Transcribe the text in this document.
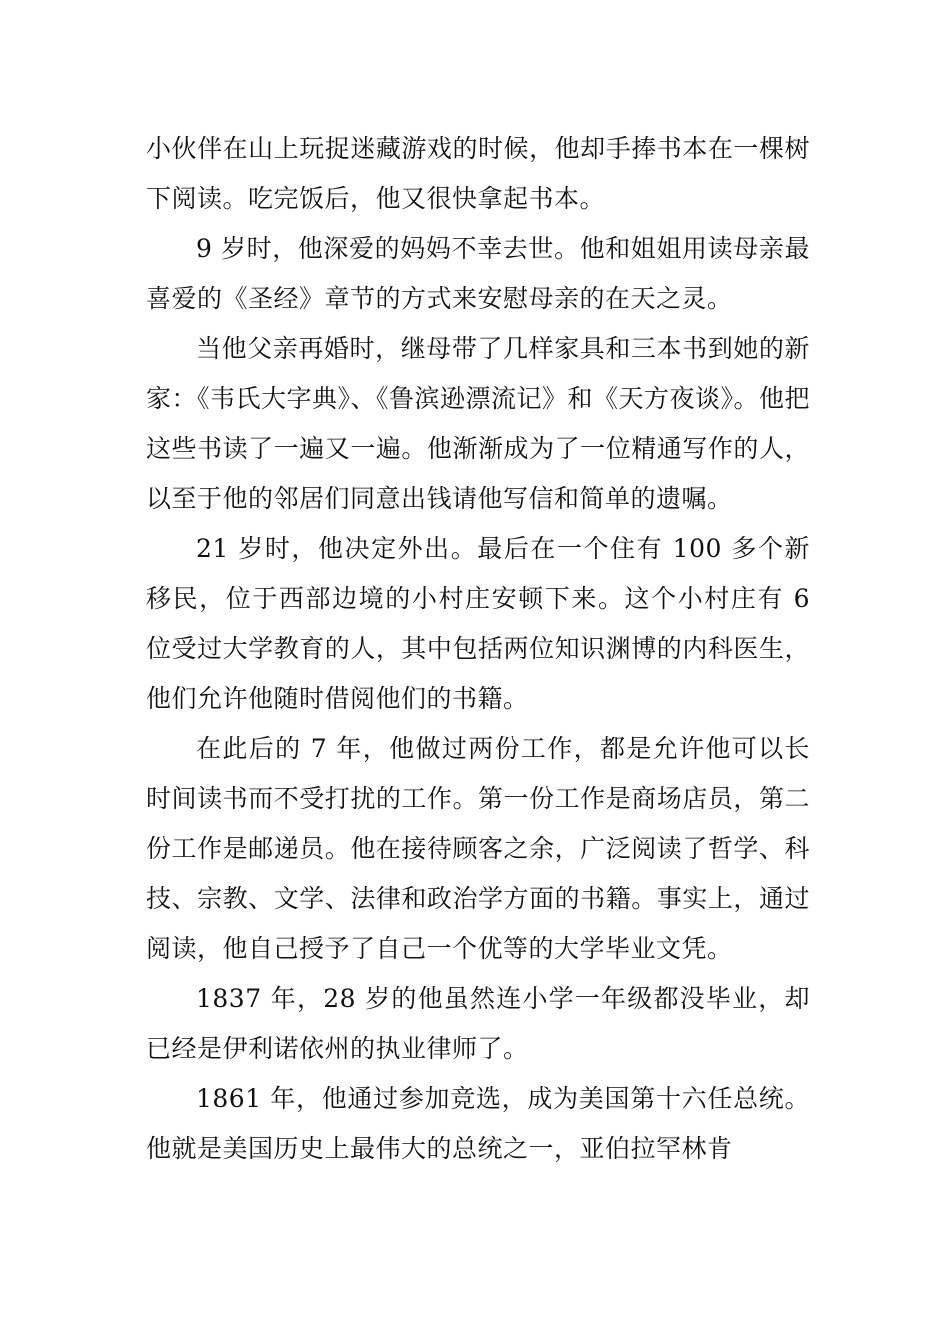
小伙伴在山上玩捉迷藏游戏的时候，他却手捧书本在一棵树下阅读。吃完饭后，他又很快拿起书本。

9 岁时，他深爱的妈妈不幸去世。他和姐姐用读母亲最喜爱的《圣经》章节的方式来安慰母亲的在天之灵。

当他父亲再婚时，继母带了几样家具和三本书到她的新家：《韦氏大字典》、《鲁滨逊漂流记》和《天方夜谈》。他把这些书读了一遍又一遍。他渐渐成为了一位精通写作的人，以至于他的邻居们同意出钱请他写信和简单的遗嘱。

21 岁时，他决定外出。最后在一个住有 100 多个新移民，位于西部边境的小村庄安顿下来。这个小村庄有 6 位受过大学教育的人，其中包括两位知识渊博的内科医生，他们允许他随时借阅他们的书籍。

在此后的 7 年，他做过两份工作，都是允许他可以长时间读书而不受打扰的工作。第一份工作是商场店员，第二份工作是邮递员。他在接待顾客之余，广泛阅读了哲学、科技、宗教、文学、法律和政治学方面的书籍。事实上，通过阅读，他自己授予了自己一个优等的大学毕业文凭。

1837 年，28 岁的他虽然连小学一年级都没毕业，却已经是伊利诺依州的执业律师了。

1861 年，他通过参加竞选，成为美国第十六任总统。他就是美国历史上最伟大的总统之一，亚伯拉罕林肯
